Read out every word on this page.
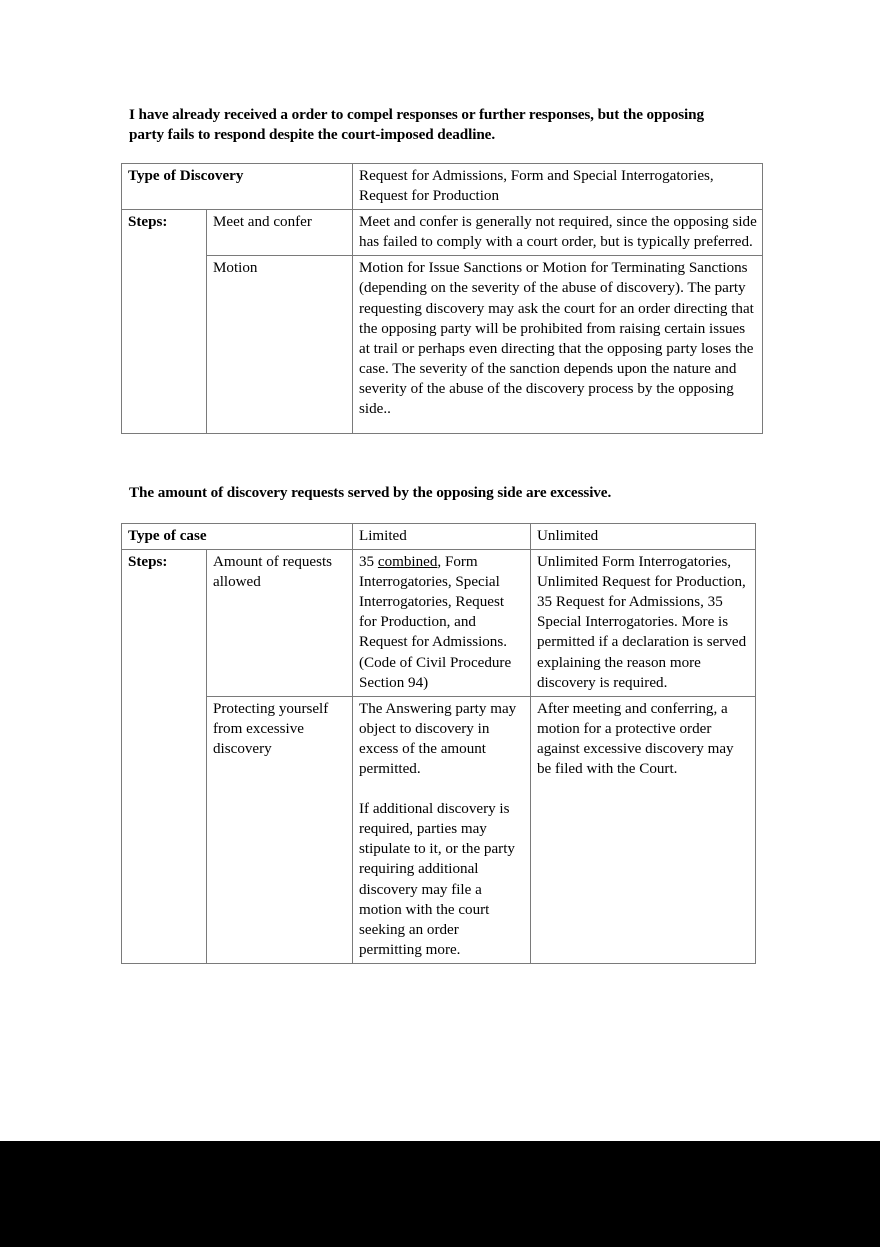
I have already received a order to compel responses or further responses, but the opposing party fails to respond despite the court-imposed deadline.
Type of Discovery		Request for Admissions, Form and Special Interrogatories, Request for Production
Steps:	Meet and confer	Meet and confer is generally not required, since the opposing side has failed to comply with a court order, but is typically preferred.
	Motion	Motion for Issue Sanctions or Motion for Terminating Sanctions (depending on the severity of the abuse of discovery). The party requesting discovery may ask the court for an order directing that the opposing party will be prohibited from raising certain issues at trail or perhaps even directing that the opposing party loses the case. The severity of the sanction depends upon the nature and severity of the abuse of the discovery process by the opposing side..
The amount of discovery requests served by the opposing side are excessive.
Type of case		Limited	Unlimited
Steps:	Amount of requests allowed	35 combined, Form Interrogatories, Special Interrogatories, Request for Production, and Request for Admissions. (Code of Civil Procedure Section 94)	Unlimited Form Interrogatories, Unlimited Request for Production, 35 Request for Admissions, 35 Special Interrogatories. More is permitted if a declaration is served explaining the reason more discovery is required.
	Protecting yourself from excessive discovery	The Answering party may object to discovery in excess of the amount permitted.

If additional discovery is required, parties may stipulate to it, or the party requiring additional discovery may file a motion with the court seeking an order permitting more.	After meeting and conferring, a motion for a protective order against excessive discovery may be filed with the Court.
